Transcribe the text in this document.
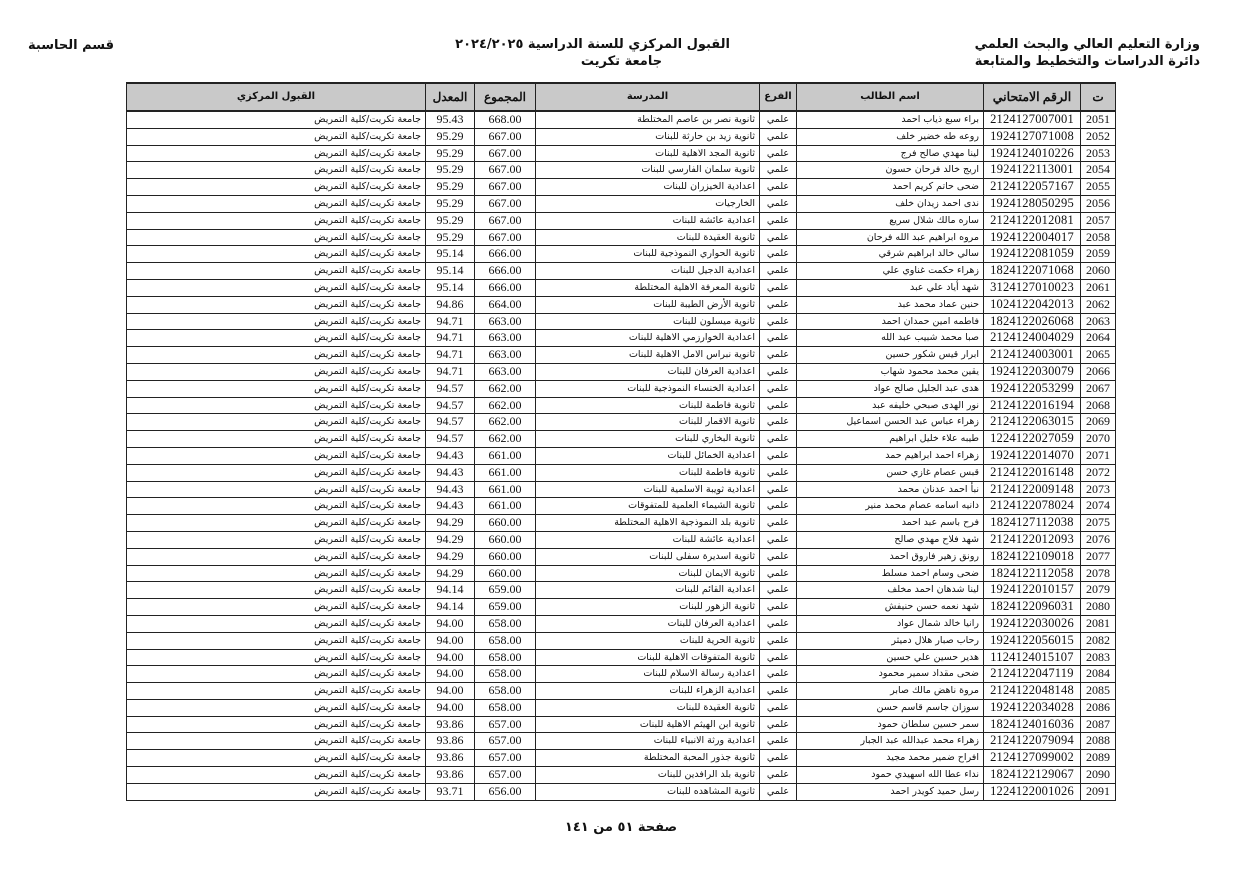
وزارة التعليم العالي والبحث العلمي
دائرة الدراسات والتخطيط والمتابعة
القبول المركزي للسنة الدراسية ٢٠٢٤/٢٠٢٥
جامعة تكريت
قسم الحاسبة
ت	الرقم الامتحاني	اسم الطالب	الفرع	المدرسة	المجموع	المعدل	القبول المركزي
2051	2124127007001	براء سبع ذياب احمد	علمي	ثانوية نصر بن عاصم المختلطة	668.00	95.43	جامعة تكريت/كلية التمريض
2052	1924127071008	روعه طه خضير خلف	علمي	ثانوية زيد بن حارثة للبنات	667.00	95.29	جامعة تكريت/كلية التمريض
2053	1924124010226	لينا مهدي صالح فرج	علمي	ثانوية المجد الاهلية للبنات	667.00	95.29	جامعة تكريت/كلية التمريض
2054	1924122113001	اريج خالد فرحان حسون	علمي	ثانوية سلمان الفارسي للبنات	667.00	95.29	جامعة تكريت/كلية التمريض
2055	2124122057167	ضحى حاتم كريم احمد	علمي	اعدادية الخيزران للبنات	667.00	95.29	جامعة تكريت/كلية التمريض
2056	1924128050295	ندى احمد زيدان خلف	علمي	الخارجيات	667.00	95.29	جامعة تكريت/كلية التمريض
2057	2124122012081	ساره مالك شلال سريع	علمي	اعدادية عائشة للبنات	667.00	95.29	جامعة تكريت/كلية التمريض
2058	1924122004017	مروه ابراهيم عبد الله فرحان	علمي	ثانوية العقيدة للبنات	667.00	95.29	جامعة تكريت/كلية التمريض
2059	1924122081059	سالي خالد ابراهيم شرقي	علمي	ثانوية الحواري النموذجية للبنات	666.00	95.14	جامعة تكريت/كلية التمريض
2060	1824122071068	زهراء حكمت غناوي علي	علمي	اعدادية الدجيل للبنات	666.00	95.14	جامعة تكريت/كلية التمريض
2061	3124127010023	شهد أياد علي عبد	علمي	ثانوية المعرفة الاهلية المختلطة	666.00	95.14	جامعة تكريت/كلية التمريض
2062	1024122042013	حنين عماد محمد عبد	علمي	ثانوية الأرض الطيبة للبنات	664.00	94.86	جامعة تكريت/كلية التمريض
2063	1824122026068	فاطمه امين حمدان احمد	علمي	ثانوية ميسلون للبنات	663.00	94.71	جامعة تكريت/كلية التمريض
2064	2124124004029	صبا محمد شبيب عبد الله	علمي	اعدادية الخوارزمي الاهلية للبنات	663.00	94.71	جامعة تكريت/كلية التمريض
2065	2124124003001	ابرار قيس شكور حسين	علمي	ثانوية نبراس الامل الاهلية للبنات	663.00	94.71	جامعة تكريت/كلية التمريض
2066	1924122030079	يقين محمد محمود شهاب	علمي	اعدادية العرفان للبنات	663.00	94.71	جامعة تكريت/كلية التمريض
2067	1924122053299	هدى عبد الجليل صالح عواد	علمي	اعدادية الخنساء النموذجية للبنات	662.00	94.57	جامعة تكريت/كلية التمريض
2068	2124122016194	نور الهدى صبحي خليفه عبد	علمي	ثانوية فاطمة للبنات	662.00	94.57	جامعة تكريت/كلية التمريض
2069	2124122063015	زهراء عباس عبد الحسن اسماعيل	علمي	ثانوية الاقمار للبنات	662.00	94.57	جامعة تكريت/كلية التمريض
2070	1224122027059	طيبه علاء خليل ابراهيم	علمي	ثانوية البخاري للبنات	662.00	94.57	جامعة تكريت/كلية التمريض
2071	1924122014070	زهراء احمد ابراهيم حمد	علمي	اعدادية الخمائل للبنات	661.00	94.43	جامعة تكريت/كلية التمريض
2072	2124122016148	قبس عصام غازي حسن	علمي	ثانوية فاطمة للبنات	661.00	94.43	جامعة تكريت/كلية التمريض
2073	2124122009148	نبأ احمد عدنان محمد	علمي	اعدادية ثويبة الاسلمية للبنات	661.00	94.43	جامعة تكريت/كلية التمريض
2074	2124122078024	دانيه اسامه عصام محمد منير	علمي	ثانوية الشيماء العلمية للمتفوقات	661.00	94.43	جامعة تكريت/كلية التمريض
2075	1824127112038	فرح باسم عبد احمد	علمي	ثانوية بلد النموذجية الاهلية المختلطة	660.00	94.29	جامعة تكريت/كلية التمريض
2076	2124122012093	شهد فلاح مهدي صالح	علمي	اعدادية عائشة للبنات	660.00	94.29	جامعة تكريت/كلية التمريض
2077	1824122109018	رونق زهير فاروق احمد	علمي	ثانوية اسديرة سفلى للبنات	660.00	94.29	جامعة تكريت/كلية التمريض
2078	1824122112058	ضحى وسام احمد مسلط	علمي	ثانوية الايمان للبنات	660.00	94.29	جامعة تكريت/كلية التمريض
2079	1924122010157	لينا شدهان احمد مخلف	علمي	اعدادية القائم للبنات	659.00	94.14	جامعة تكريت/كلية التمريض
2080	1824122096031	شهد نعمه حسن حنيفش	علمي	ثانوية الزهور للبنات	659.00	94.14	جامعة تكريت/كلية التمريض
2081	1924122030026	رانيا خالد شمال عواد	علمي	اعدادية العرفان للبنات	658.00	94.00	جامعة تكريت/كلية التمريض
2082	1924122056015	رحاب صبار هلال دميثر	علمي	ثانوية الحرية للبنات	658.00	94.00	جامعة تكريت/كلية التمريض
2083	1124124015107	هدير حسين علي حسين	علمي	ثانوية المتفوقات الاهلية للبنات	658.00	94.00	جامعة تكريت/كلية التمريض
2084	2124122047119	ضحى مقداد سمير محمود	علمي	اعدادية رسالة الاسلام للبنات	658.00	94.00	جامعة تكريت/كلية التمريض
2085	2124122048148	مروة ناهض مالك صابر	علمي	اعدادية الزهراء للبنات	658.00	94.00	جامعة تكريت/كلية التمريض
2086	1924122034028	سوزان جاسم قاسم حسن	علمي	ثانوية العقيدة للبنات	658.00	94.00	جامعة تكريت/كلية التمريض
2087	1824124016036	سمر حسين سلطان حمود	علمي	ثانوية ابن الهيثم الاهلية للبنات	657.00	93.86	جامعة تكريت/كلية التمريض
2088	2124122079094	زهراء محمد عبدالله عبد الجبار	علمي	اعدادية ورثة الانبياء للبنات	657.00	93.86	جامعة تكريت/كلية التمريض
2089	2124127099002	افراح ضمير محمد مجيد	علمي	ثانوية جذور المحبة المختلطة	657.00	93.86	جامعة تكريت/كلية التمريض
2090	1824122129067	نداء عطا الله اسهيدي حمود	علمي	ثانوية بلد الرافدين للبنات	657.00	93.86	جامعة تكريت/كلية التمريض
2091	1224122001026	رسل حميد كويدر احمد	علمي	ثانوية المشاهده للبنات	656.00	93.71	جامعة تكريت/كلية التمريض
صفحة ٥١ من ١٤١
